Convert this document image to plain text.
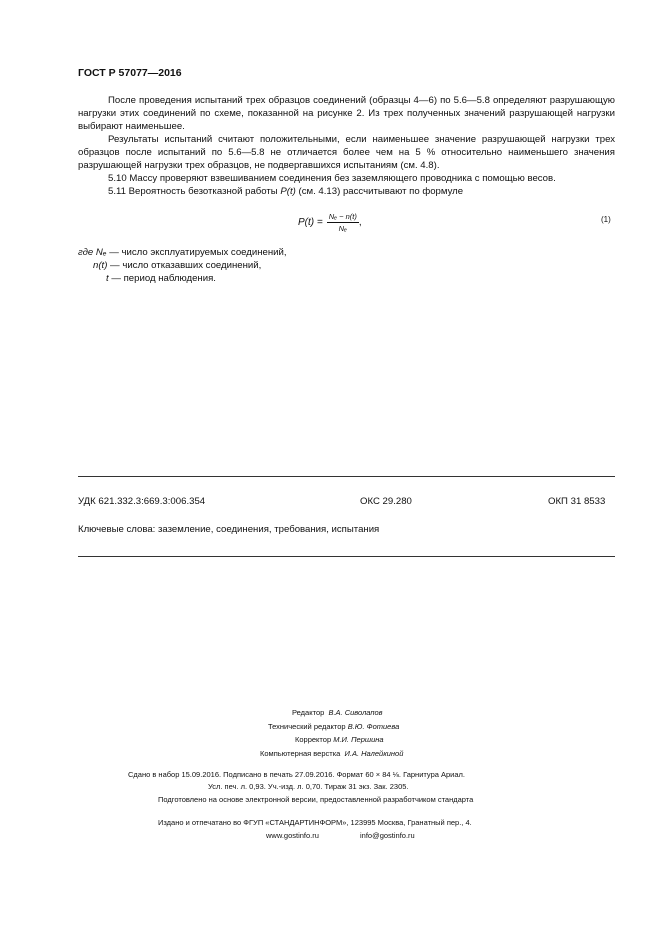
ГОСТ Р 57077—2016

После проведения испытаний трех образцов соединений (образцы 4—6) по 5.6—5.8 определяют разрушающую нагрузки этих соединений по схеме, показанной на рисунке 2. Из трех полученных значений разрушающей нагрузки выбирают наименьшее.

Результаты испытаний считают положительными, если наименьшее значение разрушающей нагрузки трех образцов после испытаний по 5.6—5.8 не отличается более чем на 5 % относительно наименьшего значения разрушающей нагрузки трех образцов, не подвергавшихся испытаниям (см. 4.8).

5.10 Массу проверяют взвешиванием соединения без заземляющего проводника с помощью весов.

5.11 Вероятность безотказной работы P(t) (см. 4.13) рассчитывают по формуле

$P(t) = \frac{\text{Nₑ − n(t)}}{\text{Nₑ}}$ ,	(1)
где Nₑ — число эксплуатируемых соединений,
n(t) — число отказавших соединений,
t — период наблюдения.
УДК 621.332.3:669.3:006.354	ОКС 29.280	ОКП 31 8533
Ключевые слова: заземление, соединения, требования, испытания
Редактор В.А. Сиволапов
Технический редактор В.Ю. Фотиева
Корректор М.И. Першина
Компьютерная верстка И.А. Налейкиной
Сдано в набор 15.09.2016. Подписано в печать 27.09.2016. Формат 60 × 84 ⅛. Гарнитура Ариал.
Усл. печ. л. 0,93. Уч.-изд. л. 0,70. Тираж 31 экз. Зак. 2305.
Подготовлено на основе электронной версии, предоставленной разработчиком стандарта
Издано и отпечатано во ФГУП «СТАНДАРТИНФОРМ», 123995 Москва, Гранатный пер., 4.
www.gostinfo.ru	info@gostinfo.ru
